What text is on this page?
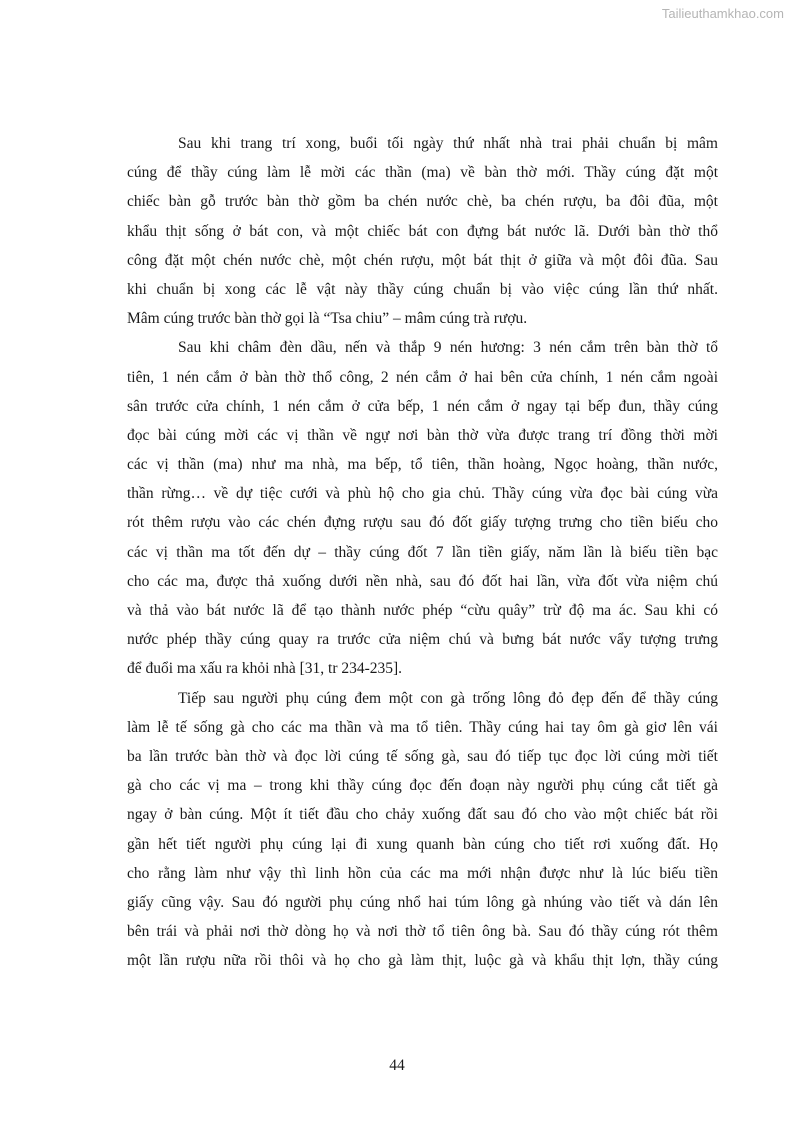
Tailieuthamkhao.com
Sau khi trang trí xong, buổi tối ngày thứ nhất nhà trai phải chuẩn bị mâm
cúng để thầy cúng làm lễ mời các thần (ma) về bàn thờ mới. Thầy cúng đặt một
chiếc bàn gỗ trước bàn thờ gồm ba chén nước chè, ba chén rượu, ba đôi đũa, một
khẩu thịt sống ở bát con, và một chiếc bát con đựng bát nước lã. Dưới bàn thờ thổ
công đặt một chén nước chè, một chén rượu, một bát thịt ở giữa và một đôi đũa. Sau
khi chuẩn bị xong các lễ vật này thầy cúng chuẩn bị vào việc cúng lần thứ nhất.
Mâm cúng trước bàn thờ gọi là “Tsa chiu” – mâm cúng trà rượu.
Sau khi châm đèn dầu, nến và thắp 9 nén hương: 3 nén cắm trên bàn thờ tổ
tiên, 1 nén cắm ở bàn thờ thổ công, 2 nén cắm ở hai bên cửa chính, 1 nén cắm ngoài
sân trước cửa chính, 1 nén cắm ở cửa bếp, 1 nén cắm ở ngay tại bếp đun, thầy cúng
đọc bài cúng mời các vị thần về ngự nơi bàn thờ vừa được trang trí đồng thời mời
các vị thần (ma) như ma nhà, ma bếp, tổ tiên, thần hoàng, Ngọc hoàng, thần nước,
thần rừng… về dự tiệc cưới và phù hộ cho gia chủ. Thầy cúng vừa đọc bài cúng vừa
rót thêm rượu vào các chén đựng rượu sau đó đốt giấy tượng trưng cho tiền biếu cho
các vị thần ma tốt đến dự – thầy cúng đốt 7 lần tiền giấy, năm lần là biếu tiền bạc
cho các ma, được thả xuống dưới nền nhà, sau đó đốt hai lần, vừa đốt vừa niệm chú
và thả vào bát nước lã để tạo thành nước phép “cừu quây” trừ độ ma ác. Sau khi có
nước phép thầy cúng quay ra trước cửa niệm chú và bưng bát nước vẩy tượng trưng
để đuổi ma xấu ra khỏi nhà [31, tr 234-235].
Tiếp sau người phụ cúng đem một con gà trống lông đỏ đẹp đến để thầy cúng
làm lễ tế sống gà cho các ma thần và ma tổ tiên. Thầy cúng hai tay ôm gà giơ lên vái
ba lần trước bàn thờ và đọc lời cúng tế sống gà, sau đó tiếp tục đọc lời cúng mời tiết
gà cho các vị ma – trong khi thầy cúng đọc đến đoạn này người phụ cúng cắt tiết gà
ngay ở bàn cúng. Một ít tiết đầu cho chảy xuống đất sau đó cho vào một chiếc bát rồi
gần hết tiết người phụ cúng lại đi xung quanh bàn cúng cho tiết rơi xuống đất. Họ
cho rằng làm như vậy thì linh hồn của các ma mới nhận được như là lúc biếu tiền
giấy cũng vậy. Sau đó người phụ cúng nhổ hai túm lông gà nhúng vào tiết và dán lên
bên trái và phải nơi thờ dòng họ và nơi thờ tổ tiên ông bà. Sau đó thầy cúng rót thêm
một lần rượu nữa rồi thôi và họ cho gà làm thịt, luộc gà và khẩu thịt lợn, thầy cúng
44
